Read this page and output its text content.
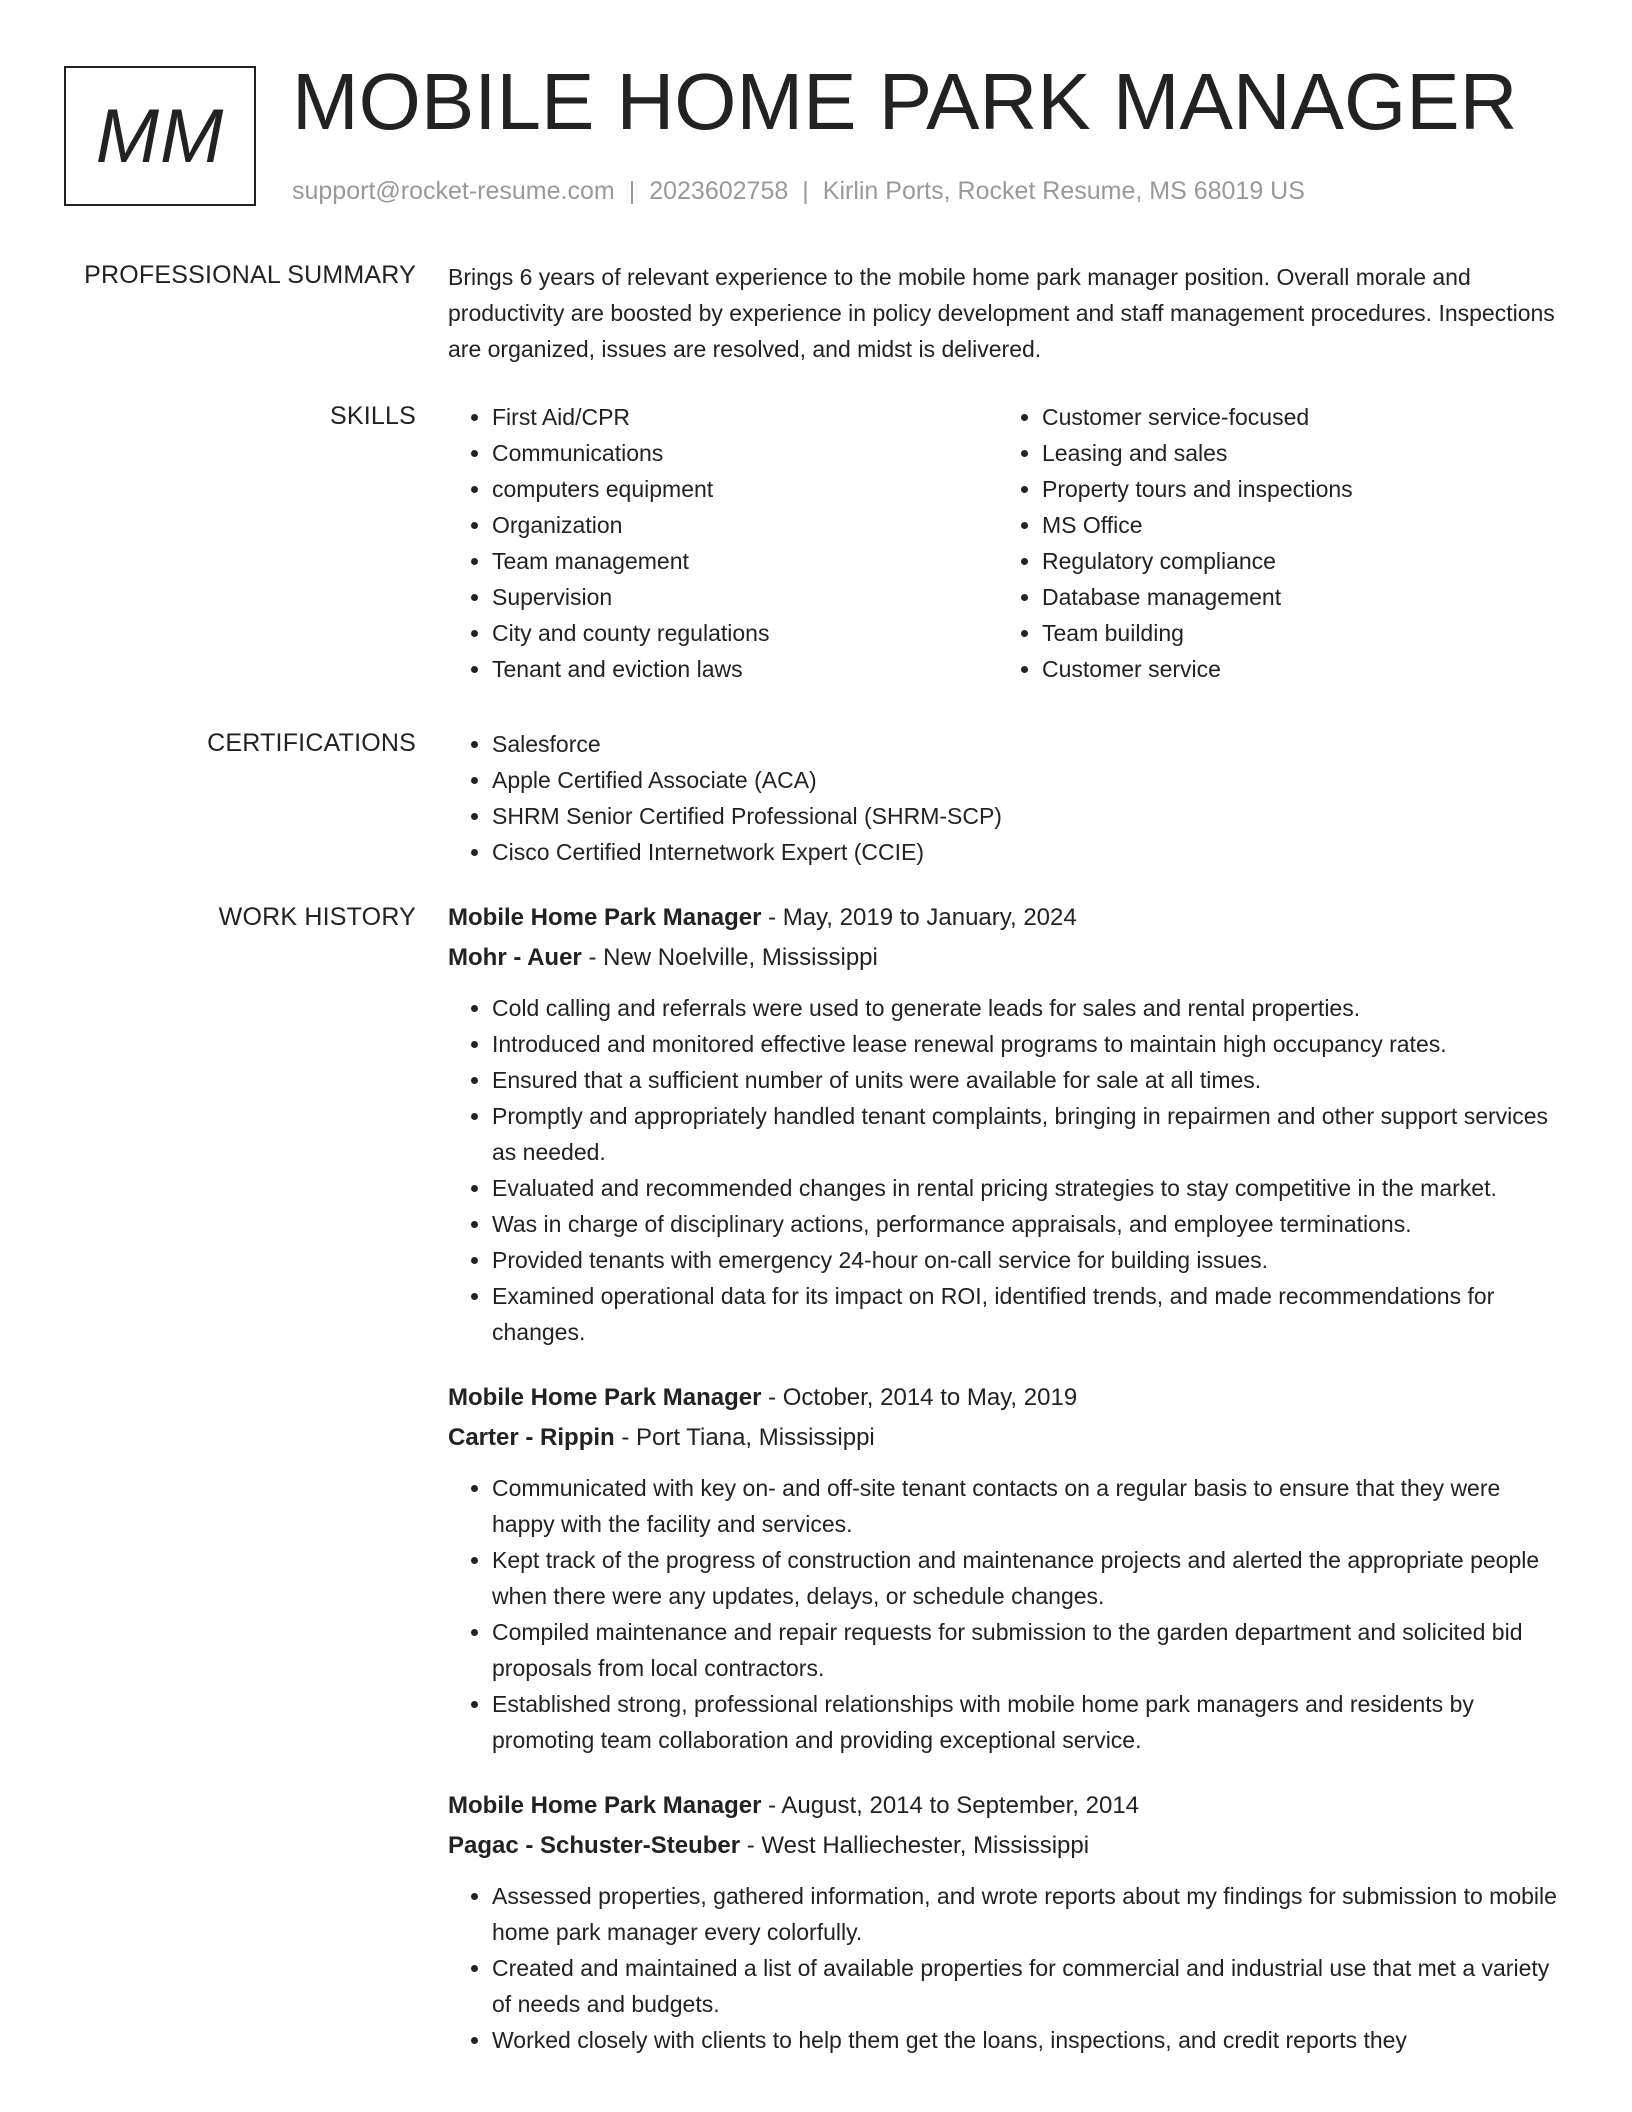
MM MOBILE HOME PARK MANAGER
support@rocket-resume.com | 2023602758 | Kirlin Ports, Rocket Resume, MS 68019 US
PROFESSIONAL SUMMARY Brings 6 years of relevant experience to the mobile home park manager position. Overall morale and productivity are boosted by experience in policy development and staff management procedures. Inspections are organized, issues are resolved, and midst is delivered.

SKILLS	• First Aid/CPR
• Communications
• computers equipment
• Organization
• Team management
• Supervision
• City and county regulations
• Tenant and eviction laws
• Customer service-focused
• Leasing and sales
• Property tours and inspections
• MS Office
• Regulatory compliance
• Database management
• Team building
• Customer service
CERTIFICATIONS	• Salesforce
• Apple Certified Associate (ACA)
• SHRM Senior Certified Professional (SHRM-SCP)
• Cisco Certified Internetwork Expert (CCIE)
WORK HISTORY Mobile Home Park Manager - May, 2019 to January, 2024
Mohr - Auer - New Noelville, Mississippi
• Cold calling and referrals were used to generate leads for sales and rental properties.
• Introduced and monitored effective lease renewal programs to maintain high occupancy rates.
• Ensured that a sufficient number of units were available for sale at all times.
• Promptly and appropriately handled tenant complaints, bringing in repairmen and other support services as needed.
• Evaluated and recommended changes in rental pricing strategies to stay competitive in the market.
• Was in charge of disciplinary actions, performance appraisals, and employee terminations.
• Provided tenants with emergency 24-hour on-call service for building issues.
• Examined operational data for its impact on ROI, identified trends, and made recommendations for changes.
Mobile Home Park Manager - October, 2014 to May, 2019
Carter - Rippin - Port Tiana, Mississippi
• Communicated with key on- and off-site tenant contacts on a regular basis to ensure that they were happy with the facility and services.
• Kept track of the progress of construction and maintenance projects and alerted the appropriate people when there were any updates, delays, or schedule changes.
• Compiled maintenance and repair requests for submission to the garden department and solicited bid proposals from local contractors.
• Established strong, professional relationships with mobile home park managers and residents by promoting team collaboration and providing exceptional service.
Mobile Home Park Manager - August, 2014 to September, 2014
Pagac - Schuster-Steuber - West Halliechester, Mississippi
• Assessed properties, gathered information, and wrote reports about my findings for submission to mobile home park manager every colorfully.
• Created and maintained a list of available properties for commercial and industrial use that met a variety of needs and budgets.
• Worked closely with clients to help them get the loans, inspections, and credit reports they
